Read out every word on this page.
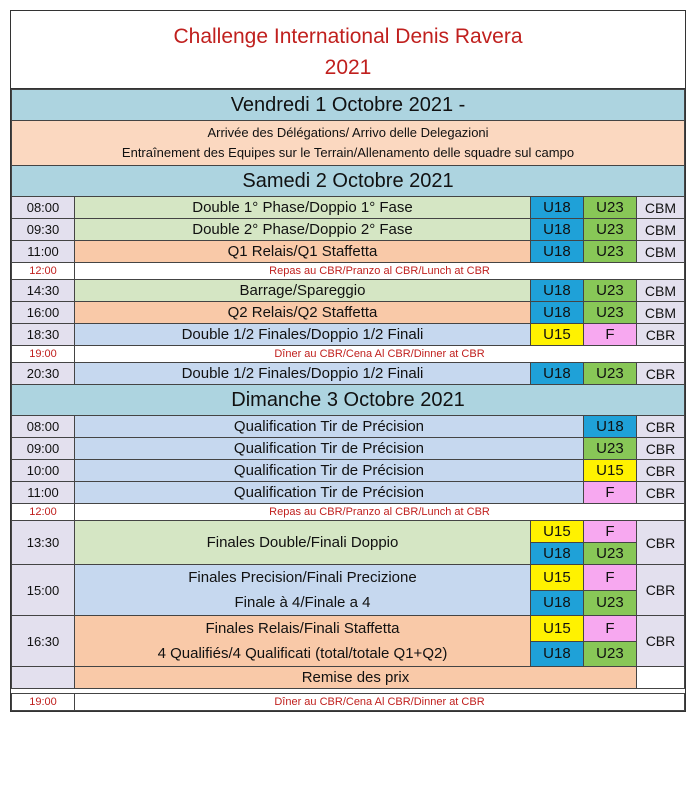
Challenge International Denis Ravera
2021
Vendredi 1 Octobre 2021 -				

Arrivée des Délégations/ Arrivo delle Delegazioni
Entraînement des Equipes sur le Terrain/Allenamento delle squadre sul campo				

Samedi 2 Octobre 2021				
08:00	Double 1° Phase/Doppio 1° Fase	U18	U23	CBM
09:30	Double 2° Phase/Doppio 2° Fase	U18	U23	CBM
11:00	Q1 Relais/Q1 Staffetta	U18	U23	CBM
12:00	Repas au CBR/Pranzo al CBR/Lunch at CBR			
14:30	Barrage/Spareggio	U18	U23	CBM
16:00	Q2 Relais/Q2 Staffetta	U18	U23	CBM
18:30	Double 1/2 Finales/Doppio 1/2 Finali	U15	F	CBR
19:00	Dîner au CBR/Cena Al CBR/Dinner at CBR			
20:30	Double 1/2 Finales/Doppio 1/2 Finali	U18	U23	CBR
Dimanche 3 Octobre 2021				
08:00	Qualification Tir de Précision		U18	CBR
09:00	Qualification Tir de Précision		U23	CBR
10:00	Qualification Tir de Précision		U15	CBR
11:00	Qualification Tir de Précision		F	CBR
12:00	Repas au CBR/Pranzo al CBR/Lunch at CBR			
13:30	Finales Double/Finali Doppio	U15	F	CBR
		U18	U23	
15:00	Finales Precision/Finali Precizione
Finale à 4/Finale a 4	U15	F	CBR
		U18	U23	
16:30	Finales Relais/Finali Staffetta
4 Qualifiés/4 Qualificati (total/totale Q1+Q2)	U15	F	CBR
		U18	U23	
	Remise des prix			

19:00	Dîner au CBR/Cena Al CBR/Dinner at CBR			
